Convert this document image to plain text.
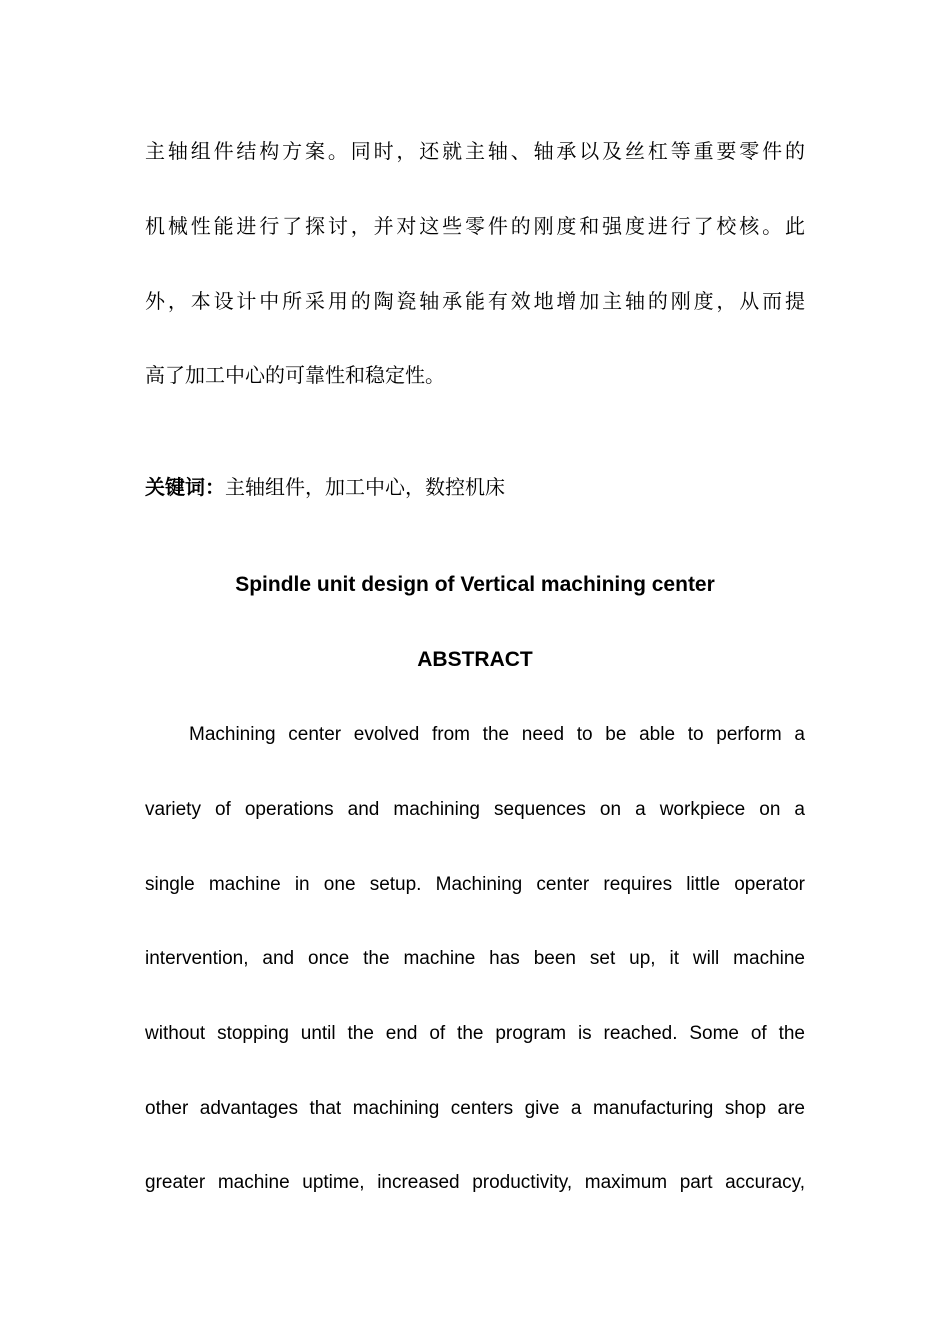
主轴组件结构方案。同时，还就主轴、轴承以及丝杠等重要零件的
机械性能进行了探讨，并对这些零件的刚度和强度进行了校核。此
外，本设计中所采用的陶瓷轴承能有效地增加主轴的刚度，从而提
高了加工中心的可靠性和稳定性。
关键词：主轴组件，加工中心，数控机床
Spindle unit design of Vertical machining center
ABSTRACT
Machining center evolved from the need to be able to perform a
variety of operations and machining sequences on a workpiece on a
single machine in one setup. Machining center requires little operator
intervention, and once the machine has been set up, it will machine
without stopping until the end of the program is reached. Some of the
other advantages that machining centers give a manufacturing shop are
greater machine uptime, increased productivity, maximum part accuracy,
